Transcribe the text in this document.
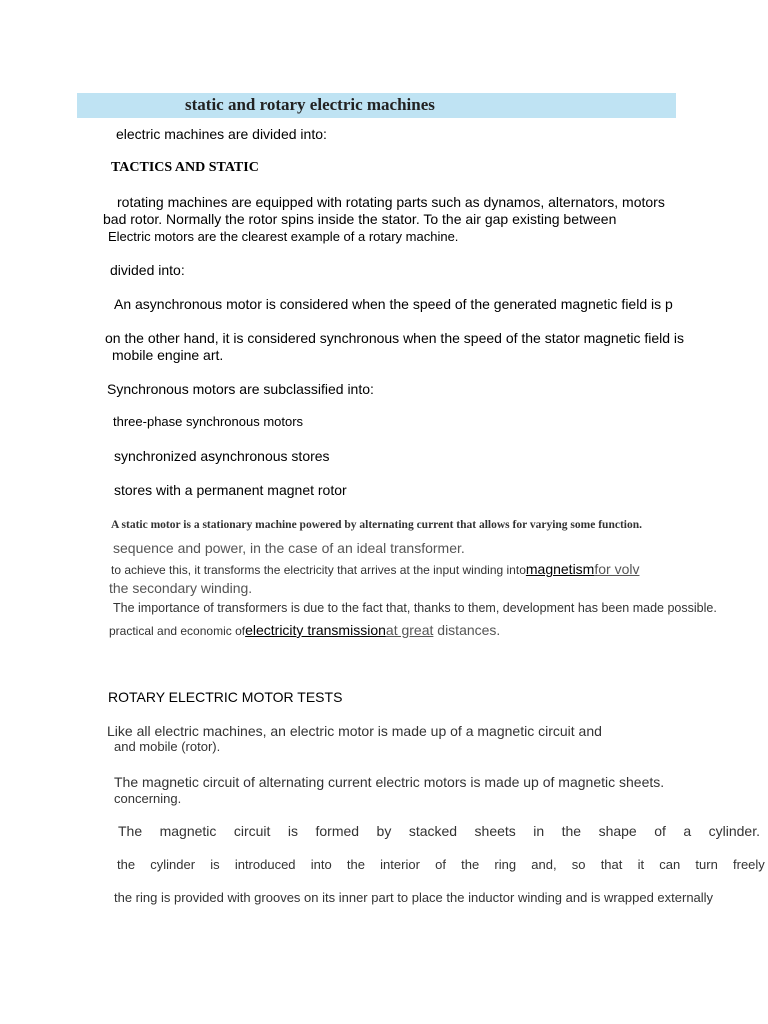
static and rotary electric machines
electric machines are divided into:
TACTICS AND STATIC
rotating machines are equipped with rotating parts such as dynamos, alternators, motors
bad rotor. Normally the rotor spins inside the stator. To the air gap existing between
Electric motors are the clearest example of a rotary machine.
divided into:
An asynchronous motor is considered when the speed of the generated magnetic field is p
on the other hand, it is considered synchronous when the speed of the stator magnetic field is
mobile engine art.
Synchronous motors are subclassified into:
three-phase synchronous motors
synchronized asynchronous stores
stores with a permanent magnet rotor
A static motor is a stationary machine powered by alternating current that allows for varying some function.
sequence and power, in the case of an ideal transformer.
to achieve this, it transforms the electricity that arrives at the input winding intomagnetismfor volv
the secondary winding.
The importance of transformers is due to the fact that, thanks to them, development has been made possible.
practical and economic ofelectricity transmissionat great distances.
ROTARY ELECTRIC MOTOR TESTS
Like all electric machines, an electric motor is made up of a magnetic circuit and
and mobile (rotor).
The magnetic circuit of alternating current electric motors is made up of magnetic sheets.
concerning.
The magnetic circuit is formed by stacked sheets in the shape of a cylinder.
the cylinder is introduced into the interior of the ring and, so that it can turn freely
the ring is provided with grooves on its inner part to place the inductor winding and is wrapped externally
